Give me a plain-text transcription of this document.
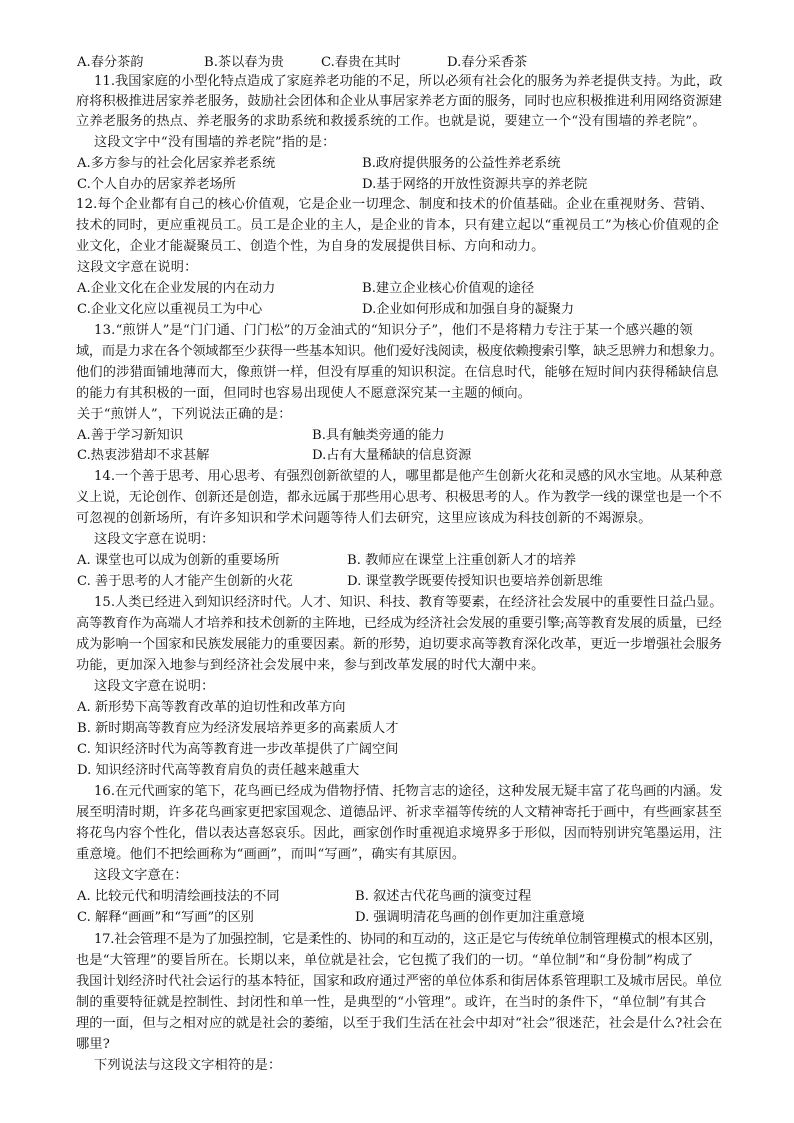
A.春分茶韵	B.茶以春为贵	C.春贵在其时	D.春分采香茶
11.我国家庭的小型化特点造成了家庭养老功能的不足，所以必须有社会化的服务为养老提供支持。为此，政
府将积极推进居家养老服务，鼓励社会团体和企业从事居家养老方面的服务，同时也应积极推进利用网络资源建
立养老服务的热点、养老服务的求助系统和救援系统的工作。也就是说，要建立一个“没有围墙的养老院”。
这段文字中“没有围墙的养老院”指的是：
A.多方参与的社会化居家养老系统	B.政府提供服务的公益性养老系统
C.个人自办的居家养老场所	D.基于网络的开放性资源共享的养老院
12.每个企业都有自己的核心价值观，它是企业一切理念、制度和技术的价值基础。企业在重视财务、营销、
技术的同时，更应重视员工。员工是企业的主人，是企业的肯本，只有建立起以“重视员工”为核心价值观的企
业文化，企业才能凝聚员工、创造个性，为自身的发展提供目标、方向和动力。
这段文字意在说明：
A.企业文化在企业发展的内在动力	B.建立企业核心价值观的途径
C.企业文化应以重视员工为中心	D.企业如何形成和加强自身的凝聚力
13.“煎饼人”是“门门通、门门松”的万金油式的“知识分子”，他们不是将精力专注于某一个感兴趣的领
域，而是力求在各个领域都至少获得一些基本知识。他们爱好浅阅读，极度依赖搜索引擎，缺乏思辨力和想象力。
他们的涉猎面铺地薄而大，像煎饼一样，但没有厚重的知识积淀。在信息时代，能够在短时间内获得稀缺信息
的能力有其积极的一面，但同时也容易出现使人不愿意深究某一主题的倾向。
关于“煎饼人”，下列说法正确的是：
A.善于学习新知识	B.具有触类旁通的能力
C.热衷涉猎却不求甚解	D.占有大量稀缺的信息资源
14.一个善于思考、用心思考、有强烈创新欲望的人，哪里都是他产生创新火花和灵感的风水宝地。从某种意
义上说，无论创作、创新还是创造，都永远属于那些用心思考、积极思考的人。作为教学一线的课堂也是一个不
可忽视的创新场所，有许多知识和学术问题等待人们去研究，这里应该成为科技创新的不竭源泉。
这段文字意在说明：
A. 课堂也可以成为创新的重要场所	B. 教师应在课堂上注重创新人才的培养
C. 善于思考的人才能产生创新的火花	D. 课堂教学既要传授知识也要培养创新思维
15.人类已经进入到知识经济时代。人才、知识、科技、教育等要素，在经济社会发展中的重要性日益凸显。
高等教育作为高端人才培养和技术创新的主阵地，已经成为经济社会发展的重要引擎;高等教育发展的质量，已经
成为影响一个国家和民族发展能力的重要因素。新的形势，迫切要求高等教育深化改革，更近一步增强社会服务
功能，更加深入地参与到经济社会发展中来，参与到改革发展的时代大潮中来。
这段文字意在说明：
A. 新形势下高等教育改革的迫切性和改革方向
B. 新时期高等教育应为经济发展培养更多的高素质人才
C. 知识经济时代为高等教育进一步改革提供了广阔空间
D. 知识经济时代高等教育肩负的责任越来越重大
16.在元代画家的笔下，花鸟画已经成为借物抒情、托物言志的途径，这种发展无疑丰富了花鸟画的内涵。发
展至明清时期，许多花鸟画家更把家国观念、道德品评、祈求幸福等传统的人文精神寄托于画中，有些画家甚至
将花鸟内容个性化，借以表达喜怒哀乐。因此，画家创作时重视追求境界多于形似，因而特别讲究笔墨运用，注
重意境。他们不把绘画称为“画画”，而叫“写画”，确实有其原因。
这段文字意在：
A. 比较元代和明清绘画技法的不同	B. 叙述古代花鸟画的演变过程
C. 解释“画画”和“写画”的区别	D. 强调明清花鸟画的创作更加注重意境
17.社会管理不是为了加强控制，它是柔性的、协同的和互动的，这正是它与传统单位制管理模式的根本区别，
也是“大管理”的要旨所在。长期以来，单位就是社会，它包揽了我们的一切。“单位制”和“身份制”构成了
我国计划经济时代社会运行的基本特征，国家和政府通过严密的单位体系和街居体系管理职工及城市居民。单位
制的重要特征就是控制性、封闭性和单一性，是典型的“小管理”。或许，在当时的条件下，“单位制”有其合
理的一面，但与之相对应的就是社会的萎缩，以至于我们生活在社会中却对“社会”很迷茫，社会是什么?社会在
哪里?
下列说法与这段文字相符的是：
